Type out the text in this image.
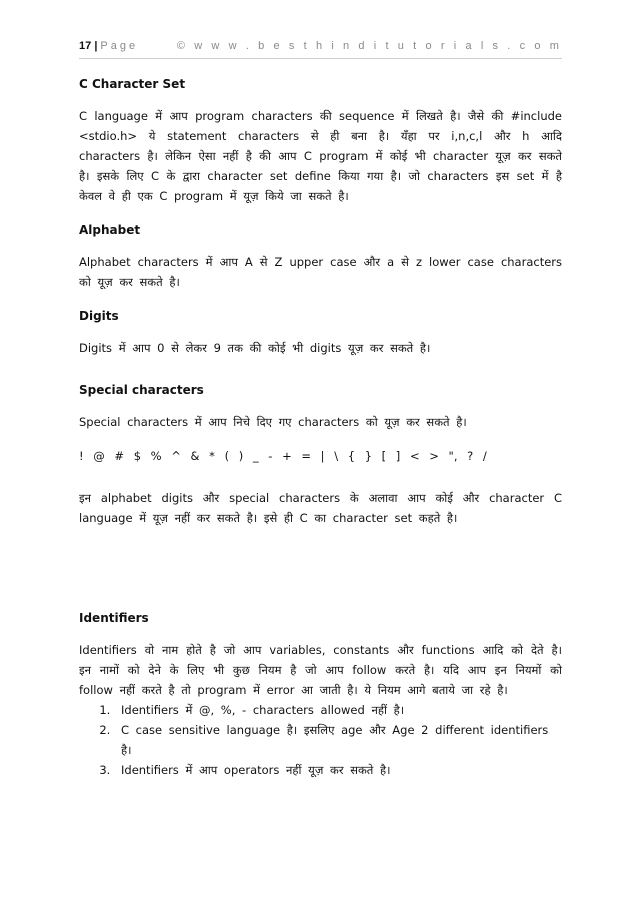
17 | Page	© w w w . b e s t h i n d i t u t o r i a l s . c o m

C Character Set

C language में आप program characters की sequence में लिखते है। जैसे की #include <stdio.h> ये statement characters से ही बना है। यँहा पर i,n,c,l और h आदि characters है। लेकिन ऐसा नहीं है की आप C program में कोई भी character यूज़ कर सकते है। इसके लिए C के द्वारा character set define किया गया है। जो characters इस set में है केवल वे ही एक C program में यूज़ किये जा सकते है।

Alphabet

Alphabet characters में आप A से Z upper case और a से z lower case characters को यूज़ कर सकते है।

Digits

Digits में आप 0 से लेकर 9 तक की कोई भी digits यूज़ कर सकते है।

Special characters

Special characters में आप निचे दिए गए characters को यूज़ कर सकते है।

! @ # $ % ^ & * ( ) _ - + = | \ { } [ ] < > ", ? /

इन alphabet digits और special characters के अलावा आप कोई और character C language में यूज़ नहीं कर सकते है। इसे ही C का character set कहते है।

Identifiers

Identifiers वो नाम होते है जो आप variables, constants और functions आदि को देते है। इन नामों को देने के लिए भी कुछ नियम है जो आप follow करते है। यदि आप इन नियमों को follow नहीं करते है तो program में error आ जाती है। ये नियम आगे बताये जा रहे है।

1. Identifiers में @, %, - characters allowed नहीं है।
2. C case sensitive language है। इसलिए age और Age 2 different identifiers है।
3. Identifiers में आप operators नहीं यूज़ कर सकते है।
